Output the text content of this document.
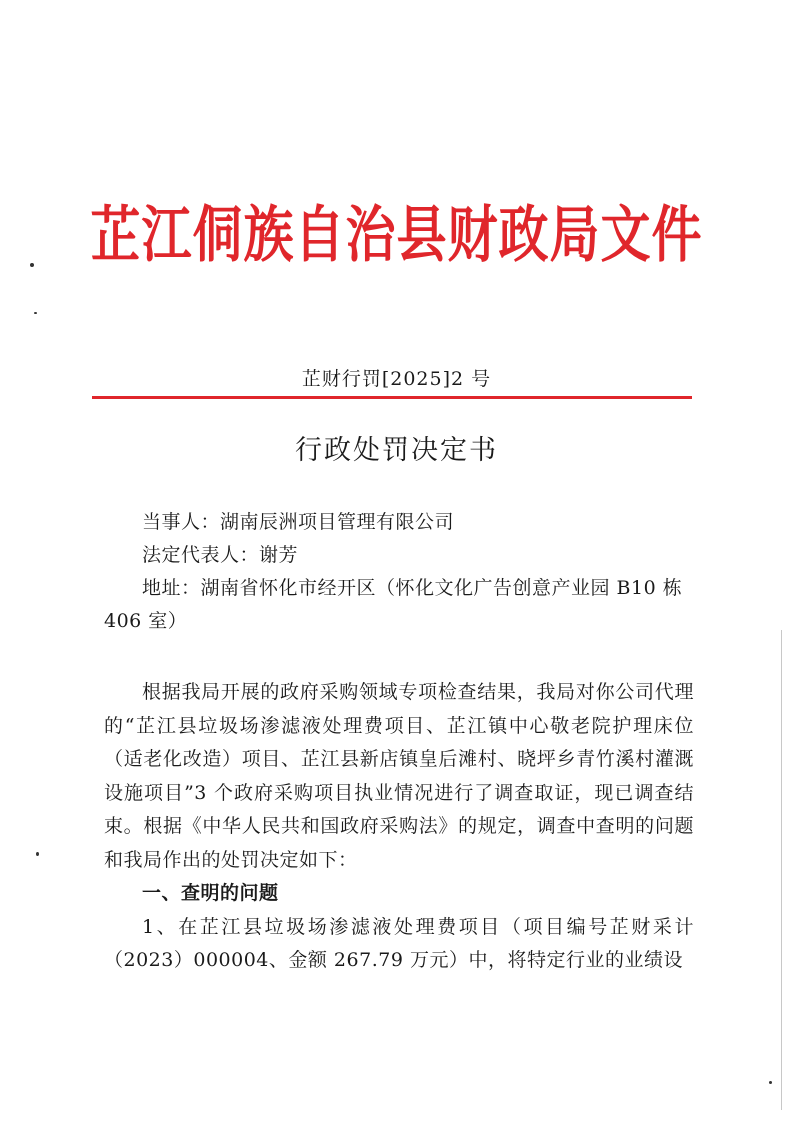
芷江侗族自治县财政局文件
芷财行罚[2025]2 号
行政处罚决定书

当事人：湖南辰洲项目管理有限公司

法定代表人：谢芳

地址：湖南省怀化市经开区（怀化文化广告创意产业园 B10 栋 406 室）

根据我局开展的政府采购领域专项检查结果，我局对你公司代理的“芷江县垃圾场渗滤液处理费项目、芷江镇中心敬老院护理床位（适老化改造）项目、芷江县新店镇皇后滩村、晓坪乡青竹溪村灌溉设施项目”3 个政府采购项目执业情况进行了调查取证，现已调查结束。根据《中华人民共和国政府采购法》的规定，调查中查明的问题和我局作出的处罚决定如下：

一、查明的问题

1、在芷江县垃圾场渗滤液处理费项目（项目编号芷财采计（2023）000004、金额 267.79 万元）中，将特定行业的业绩设
